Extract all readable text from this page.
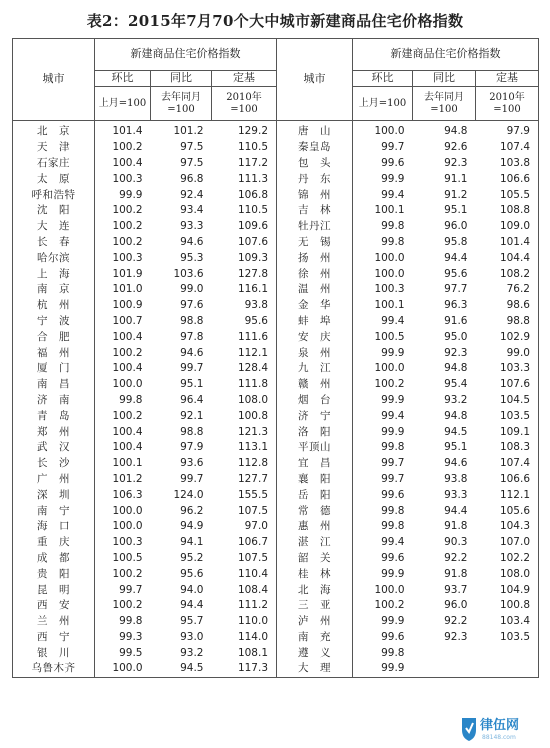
表2：2015年7月70个大中城市新建商品住宅价格指数
城市	新建商品住宅价格指数			城市	新建商品住宅价格指数		
	环比	同比	定基		环比	同比	定基
	上月=100	去年同月=100	2010年=100		上月=100	去年同月=100	2010年=100
北　京	101.4	101.2	129.2	唐　山	100.0	94.8	97.9
天　津	100.2	97.5	110.5	秦皇岛	99.7	92.6	107.4
石家庄	100.4	97.5	117.2	包　头	99.6	92.3	103.8
太　原	100.3	96.8	111.3	丹　东	99.9	91.1	106.6
呼和浩特	99.9	92.4	106.8	锦　州	99.4	91.2	105.5
沈　阳	100.2	93.4	110.5	吉　林	100.1	95.1	108.8
大　连	100.2	93.3	109.6	牡丹江	99.8	96.0	109.0
长　春	100.2	94.6	107.6	无　锡	99.8	95.8	101.4
哈尔滨	100.3	95.3	109.3	扬　州	100.0	94.4	104.4
上　海	101.9	103.6	127.8	徐　州	100.0	95.6	108.2
南　京	101.0	99.0	116.1	温　州	100.3	97.7	76.2
杭　州	100.9	97.6	93.8	金　华	100.1	96.3	98.6
宁　波	100.7	98.8	95.6	蚌　埠	99.4	91.6	98.8
合　肥	100.4	97.8	111.6	安　庆	100.5	95.0	102.9
福　州	100.2	94.6	112.1	泉　州	99.9	92.3	99.0
厦　门	100.4	99.7	128.4	九　江	100.0	94.8	103.3
南　昌	100.0	95.1	111.8	赣　州	100.2	95.4	107.6
济　南	99.8	96.4	108.0	烟　台	99.9	93.2	104.5
青　岛	100.2	92.1	100.8	济　宁	99.4	94.8	103.5
郑　州	100.4	98.8	121.3	洛　阳	99.9	94.5	109.1
武　汉	100.4	97.9	113.1	平顶山	99.8	95.1	108.3
长　沙	100.1	93.6	112.8	宜　昌	99.7	94.6	107.4
广　州	101.2	99.7	127.7	襄　阳	99.7	93.8	106.6
深　圳	106.3	124.0	155.5	岳　阳	99.6	93.3	112.1
南　宁	100.0	96.2	107.5	常　德	99.8	94.4	105.6
海　口	100.0	94.9	97.0	惠　州	99.8	91.8	104.3
重　庆	100.3	94.1	106.7	湛　江	99.4	90.3	107.0
成　都	100.5	95.2	107.5	韶　关	99.6	92.2	102.2
贵　阳	100.2	95.6	110.4	桂　林	99.9	91.8	108.0
昆　明	99.7	94.0	108.4	北　海	100.0	93.7	104.9
西　安	100.2	94.4	111.2	三　亚	100.2	96.0	100.8
兰　州	99.8	95.7	110.0	泸　州	99.9	92.2	103.4
西　宁	99.3	93.0	114.0	南　充	99.6	92.3	103.5
银　川	99.5	93.2	108.1	遵　义	99.8		
乌鲁木齐	100.0	94.5	117.3	大　理	99.9		
律伍网
88148.com
